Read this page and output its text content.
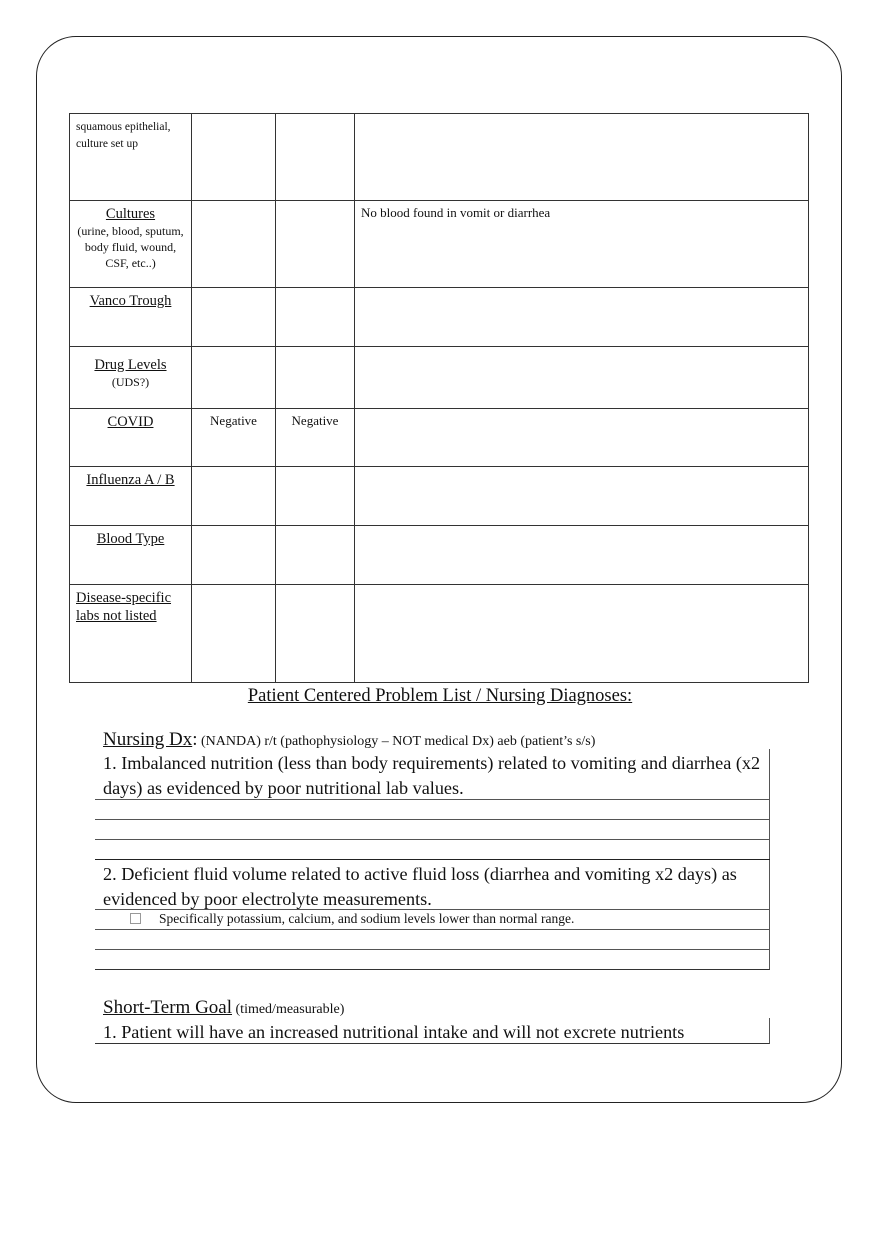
squamous epithelial, culture set up			

Cultures
(urine, blood, sputum, body fluid, wound, CSF, etc..)			No blood found in vomit or diarrhea

Vanco Trough			

Drug Levels
(UDS?)			

COVID	Negative	Negative	

Influenza A / B			

Blood Type			

Disease-specific labs not listed			

Patient Centered Problem List / Nursing Diagnoses:
Nursing Dx: (NANDA) r/t (pathophysiology – NOT medical Dx) aeb (patient’s s/s)
1. Imbalanced nutrition (less than body requirements) related to vomiting and diarrhea (x2 days) as evidenced by poor nutritional lab values.
2. Deficient fluid volume related to active fluid loss (diarrhea and vomiting x2 days) as evidenced by poor electrolyte measurements.
Specifically potassium, calcium, and sodium levels lower than normal range.
Short-Term Goal (timed/measurable)
1. Patient will have an increased nutritional intake and will not excrete nutrients
